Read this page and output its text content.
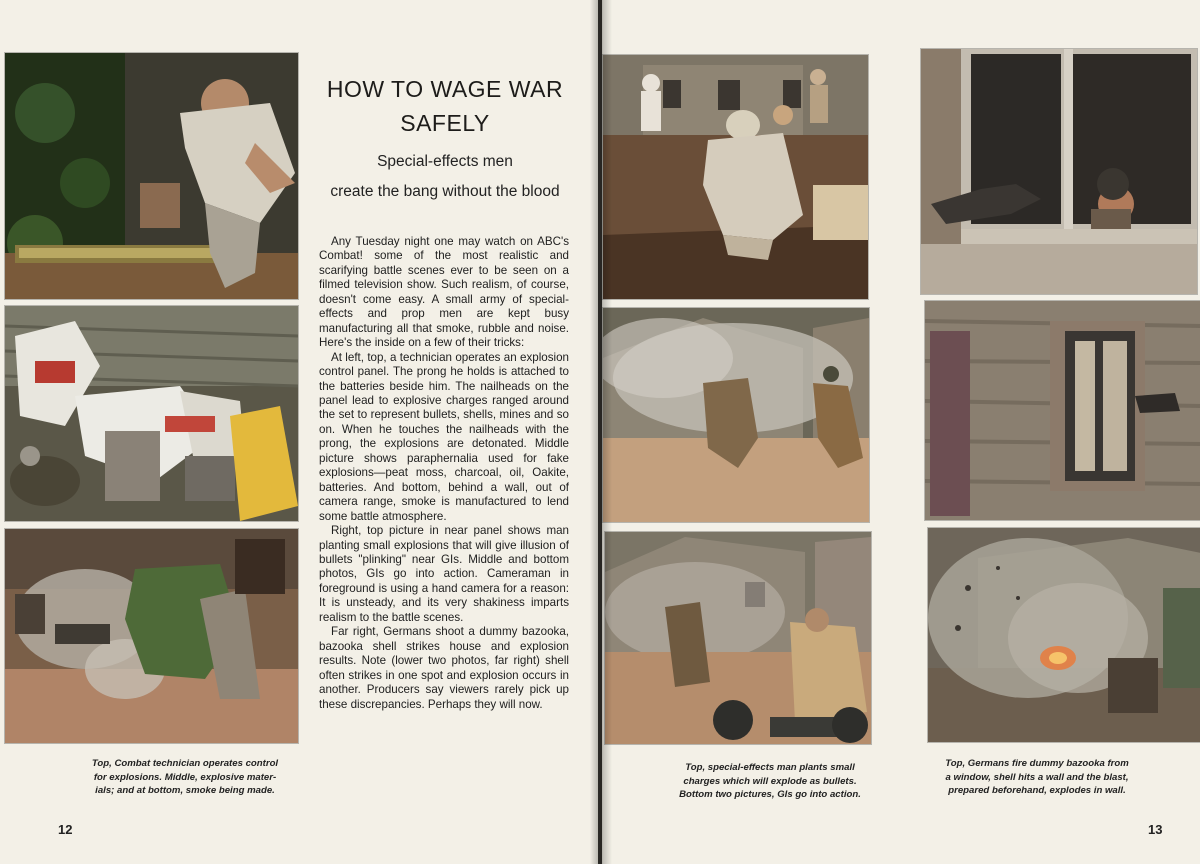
HOW TO WAGE WAR
SAFELY
Special-effects men
create the bang without the blood

Any Tuesday night one may watch on ABC's Combat! some of the most realistic and scarifying battle scenes ever to be seen on a filmed television show. Such realism, of course, doesn't come easy. A small army of special-effects and prop men are kept busy manufacturing all that smoke, rubble and noise. Here's the inside on a few of their tricks:

At left, top, a technician operates an explosion control panel. The prong he holds is attached to the batteries beside him. The nailheads on the panel lead to explosive charges ranged around the set to represent bullets, shells, mines and so on. When he touches the nailheads with the prong, the explosions are detonated. Middle picture shows paraphernalia used for fake explosions—peat moss, charcoal, oil, Oakite, batteries. And bottom, behind a wall, out of camera range, smoke is manufactured to lend some battle atmosphere.

Right, top picture in near panel shows man planting small explosions that will give illusion of bullets "plinking" near GIs. Middle and bottom photos, GIs go into action. Cameraman in foreground is using a hand camera for a reason: It is unsteady, and its very shakiness imparts realism to the battle scenes.

Far right, Germans shoot a dummy bazooka, bazooka shell strikes house and explosion results. Note (lower two photos, far right) shell often strikes in one spot and explosion occurs in another. Producers say viewers rarely pick up these discrepancies. Perhaps they will now.

Top, Combat technician operates control
for explosions. Middle, explosive mater-
ials; and at bottom, smoke being made.
12
Top, special-effects man plants small
charges which will explode as bullets.
Bottom two pictures, GIs go into action.
Top, Germans fire dummy bazooka from
a window, shell hits a wall and the blast,
prepared beforehand, explodes in wall.
13
